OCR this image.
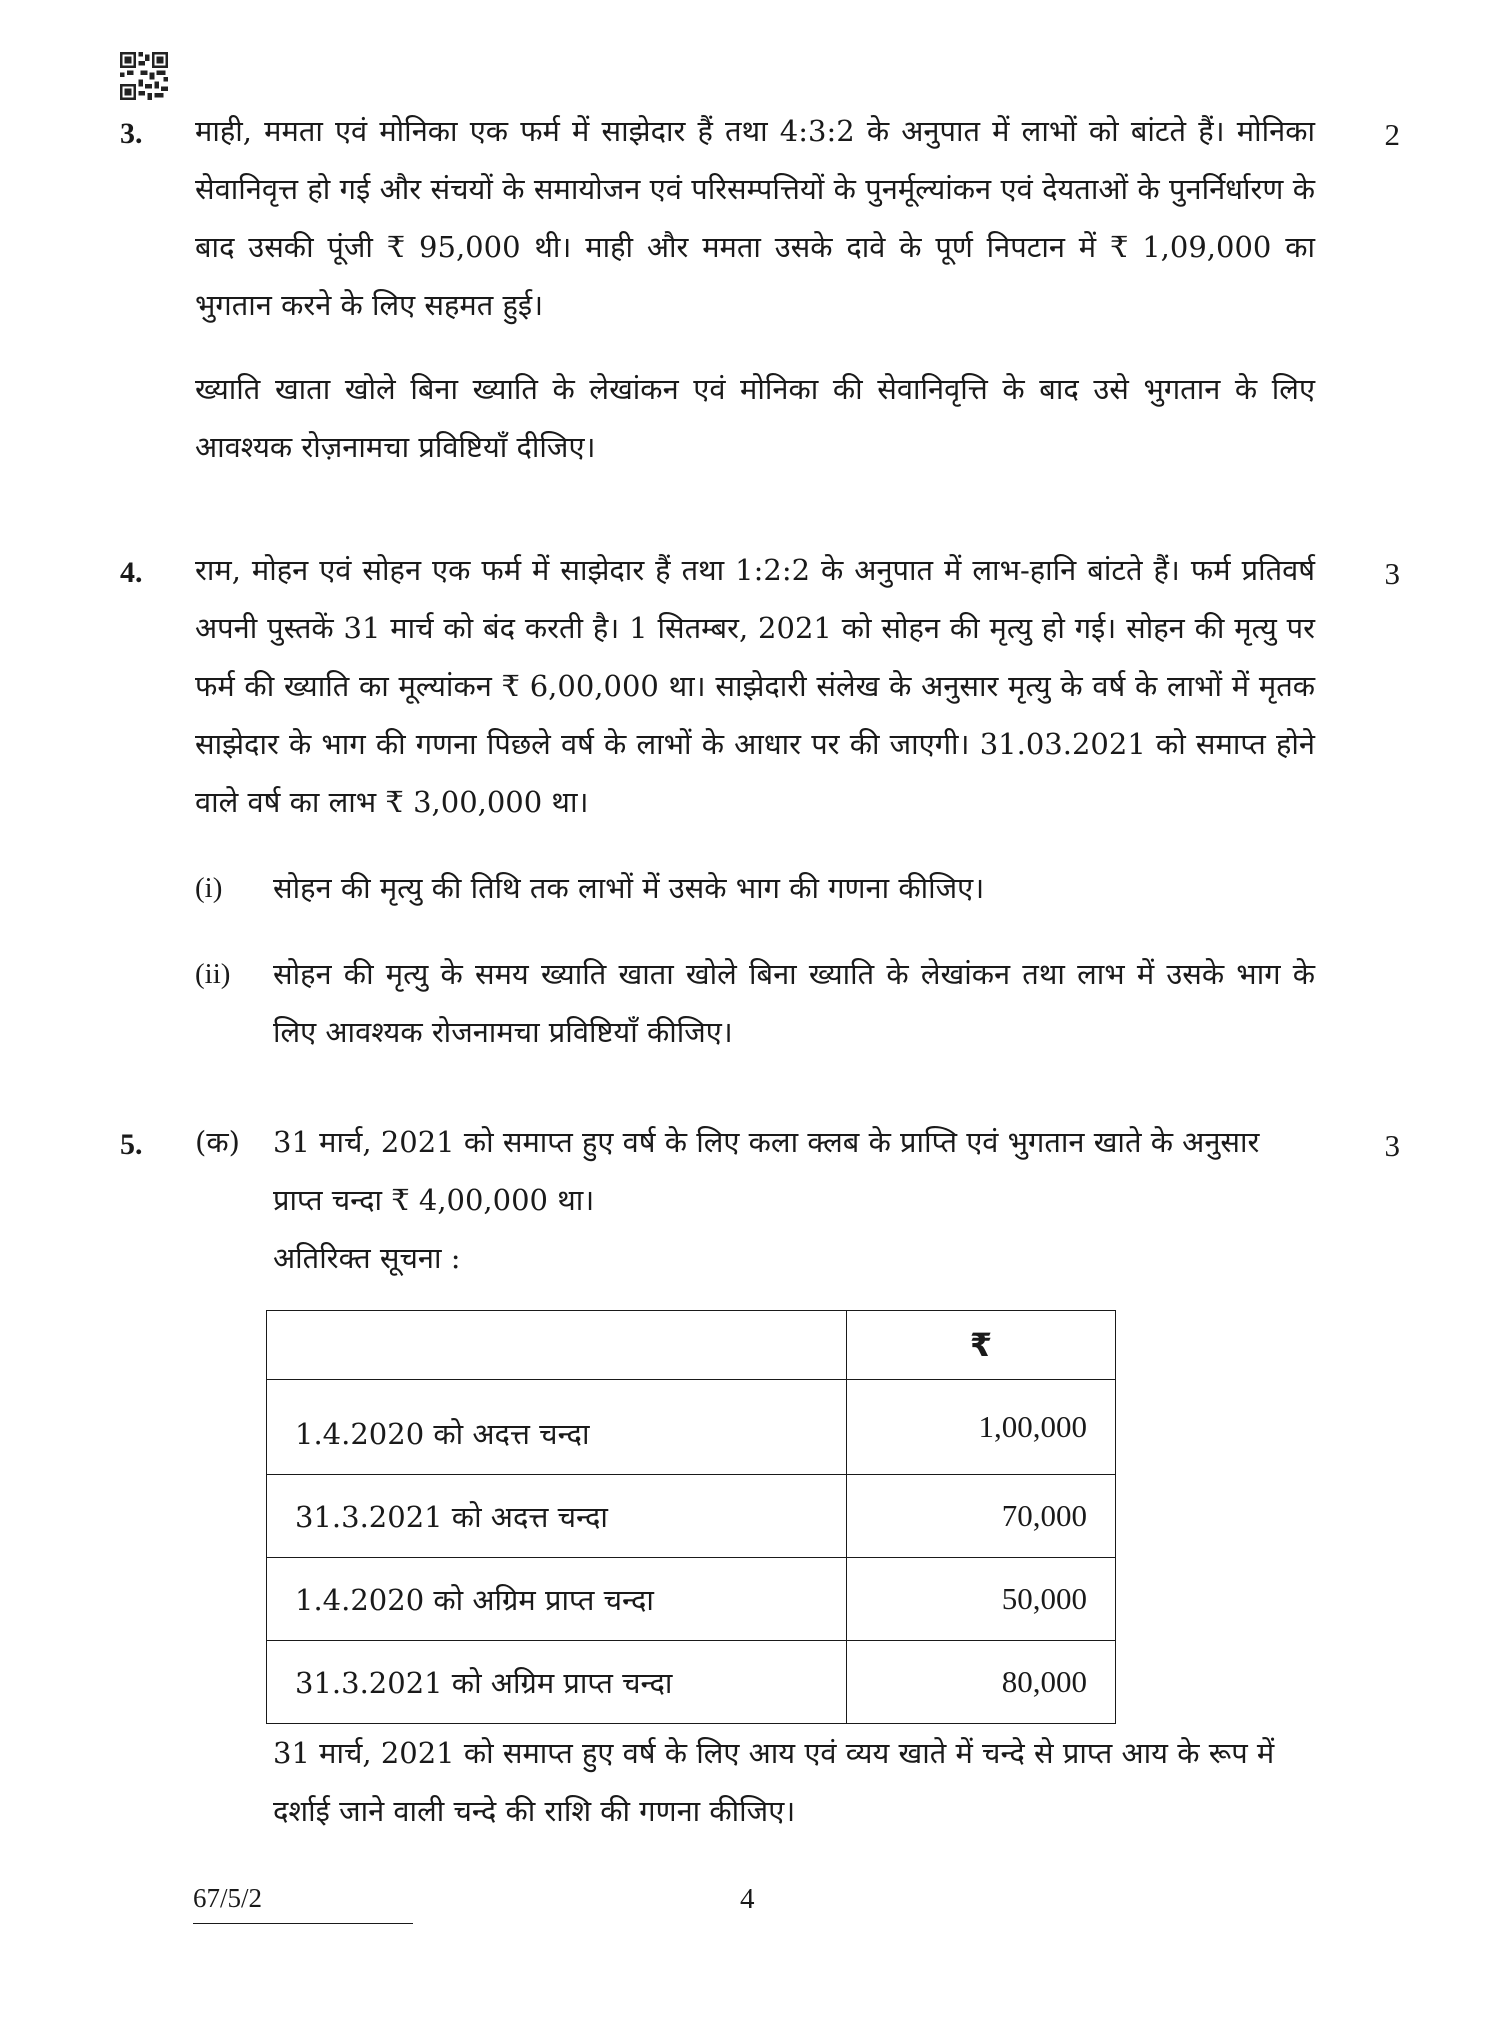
3. माही, ममता एवं मोनिका एक फर्म में साझेदार हैं तथा 4:3:2 के अनुपात में लाभों को बांटते हैं। मोनिका सेवानिवृत्त हो गई और संचयों के समायोजन एवं परिसम्पत्तियों के पुनर्मूल्यांकन एवं देयताओं के पुनर्निर्धारण के बाद उसकी पूंजी ₹ 95,000 थी। माही और ममता उसके दावे के पूर्ण निपटान में ₹ 1,09,000 का भुगतान करने के लिए सहमत हुई।

ख्याति खाता खोले बिना ख्याति के लेखांकन एवं मोनिका की सेवानिवृत्ति के बाद उसे भुगतान के लिए आवश्यक रोज़नामचा प्रविष्टियाँ दीजिए।

2
4. राम, मोहन एवं सोहन एक फर्म में साझेदार हैं तथा 1:2:2 के अनुपात में लाभ-हानि बांटते हैं। फर्म प्रतिवर्ष अपनी पुस्तकें 31 मार्च को बंद करती है। 1 सितम्बर, 2021 को सोहन की मृत्यु हो गई। सोहन की मृत्यु पर फर्म की ख्याति का मूल्यांकन ₹ 6,00,000 था। साझेदारी संलेख के अनुसार मृत्यु के वर्ष के लाभों में मृतक साझेदार के भाग की गणना पिछले वर्ष के लाभों के आधार पर की जाएगी। 31.03.2021 को समाप्त होने वाले वर्ष का लाभ ₹ 3,00,000 था।

(i) सोहन की मृत्यु की तिथि तक लाभों में उसके भाग की गणना कीजिए।
(ii) सोहन की मृत्यु के समय ख्याति खाता खोले बिना ख्याति के लेखांकन तथा लाभ में उसके भाग के लिए आवश्यक रोजनामचा प्रविष्टियाँ कीजिए।
3
5. (क) 31 मार्च, 2021 को समाप्त हुए वर्ष के लिए कला क्लब के प्राप्ति एवं भुगतान खाते के अनुसार प्राप्त चन्दा ₹ 4,00,000 था।
अतिरिक्त सूचना :
3
	₹
1.4.2020 को अदत्त चन्दा	1,00,000
31.3.2021 को अदत्त चन्दा	70,000
1.4.2020 को अग्रिम प्राप्त चन्दा	50,000
31.3.2021 को अग्रिम प्राप्त चन्दा	80,000
31 मार्च, 2021 को समाप्त हुए वर्ष के लिए आय एवं व्यय खाते में चन्दे से प्राप्त आय के रूप में दर्शाई जाने वाली चन्दे की राशि की गणना कीजिए।
67/5/2	4
